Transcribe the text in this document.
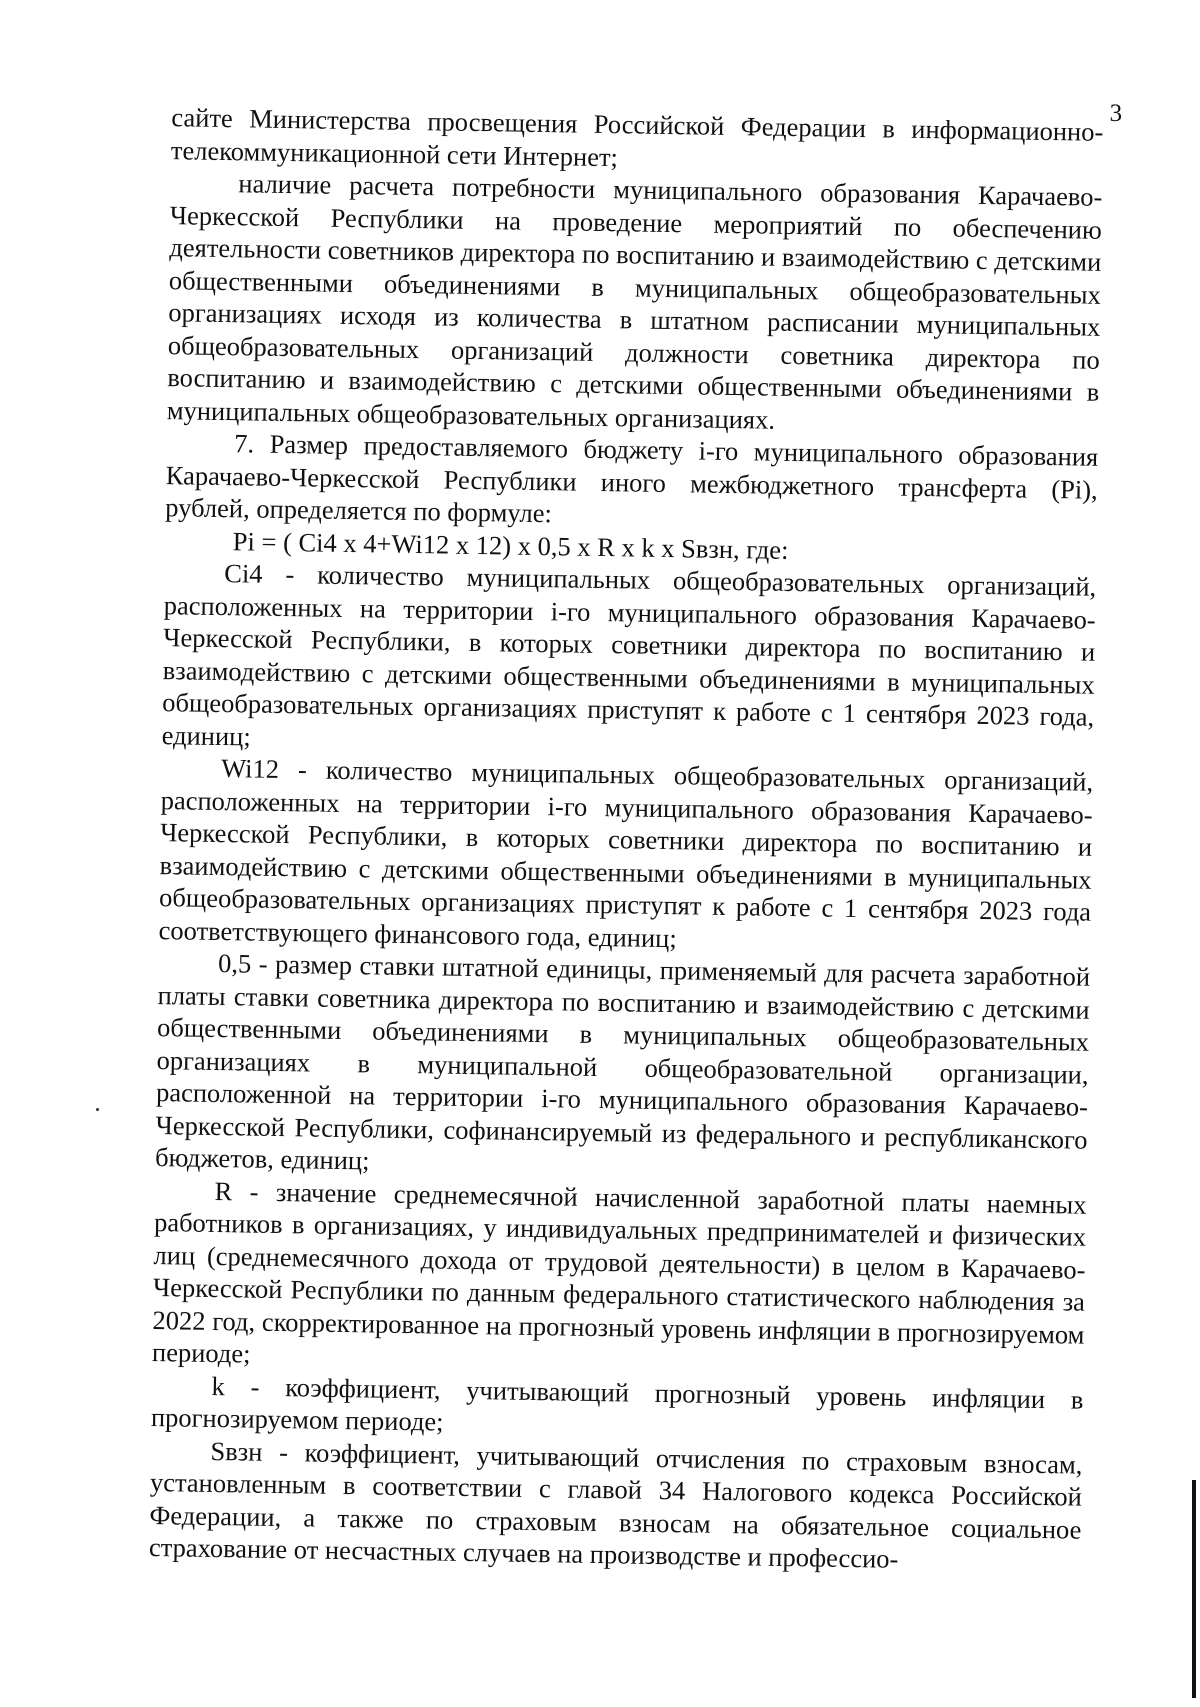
3

сайте Министерства просвещения Российской Федерации в информационно-телекоммуникационной сети Интернет;

наличие расчета потребности муниципального образования Карачаево-Черкесской Республики на проведение мероприятий по обеспечению деятельности советников директора по воспитанию и взаимодействию с детскими общественными объединениями в муниципальных общеобразовательных организациях исходя из количества в штатном расписании муниципальных общеобразовательных организаций должности советника директора по воспитанию и взаимодействию с детскими общественными объединениями в муниципальных общеобразовательных организациях.

7. Размер предоставляемого бюджету i-го муниципального образования Карачаево-Черкесской Республики иного межбюджетного трансферта (Pi), рублей, определяется по формуле:

Pi = ( Ci4 x 4+Wi12 x 12) x 0,5 x R x k x Sвзн, где:

Ci4 - количество муниципальных общеобразовательных организаций, расположенных на территории i-го муниципального образования Карачаево-Черкесской Республики, в которых советники директора по воспитанию и взаимодействию с детскими общественными объединениями в муниципальных общеобразовательных организациях приступят к работе с 1 сентября 2023 года, единиц;

Wi12 - количество муниципальных общеобразовательных организаций, расположенных на территории i-го муниципального образования Карачаево-Черкесской Республики, в которых советники директора по воспитанию и взаимодействию с детскими общественными объединениями в муниципальных общеобразовательных организациях приступят к работе с 1 сентября 2023 года соответствующего финансового года, единиц;

0,5 - размер ставки штатной единицы, применяемый для расчета заработной платы ставки советника директора по воспитанию и взаимодействию с детскими общественными объединениями в муниципальных общеобразовательных организациях в муниципальной общеобразовательной организации, расположенной на территории i-го муниципального образования Карачаево-Черкесской Республики, софинансируемый из федерального и республиканского бюджетов, единиц;

R - значение среднемесячной начисленной заработной платы наемных работников в организациях, у индивидуальных предпринимателей и физических лиц (среднемесячного дохода от трудовой деятельности) в целом в Карачаево-Черкесской Республики по данным федерального статистического наблюдения за 2022 год, скорректированное на прогнозный уровень инфляции в прогнозируемом периоде;

k - коэффициент, учитывающий прогнозный уровень инфляции в прогнозируемом периоде;

Sвзн - коэффициент, учитывающий отчисления по страховым взносам, установленным в соответствии с главой 34 Налогового кодекса Российской Федерации, а также по страховым взносам на обязательное социальное страхование от несчастных случаев на производстве и профессио-
